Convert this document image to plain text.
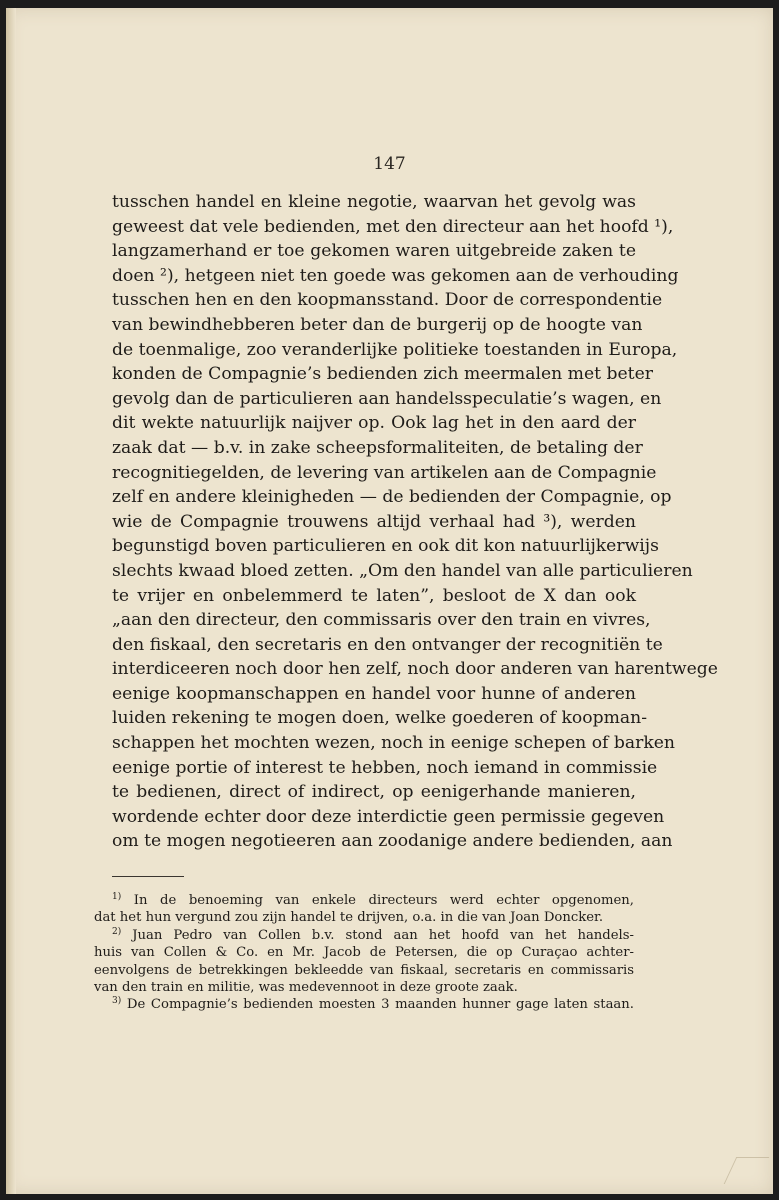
147
tusschen handel en kleine negotie, waarvan het gevolg was
geweest dat vele bedienden, met den directeur aan het hoofd ¹),
langzamerhand er toe gekomen waren uitgebreide zaken te
doen ²), hetgeen niet ten goede was gekomen aan de verhouding
tusschen hen en den koopmansstand. Door de correspondentie
van bewindhebberen beter dan de burgerij op de hoogte van
de toenmalige, zoo veranderlijke politieke toestanden in Europa,
konden de Compagnie’s bedienden zich meermalen met beter
gevolg dan de particulieren aan handelsspeculatie’s wagen, en
dit wekte natuurlijk naijver op. Ook lag het in den aard der
zaak dat — b.v. in zake scheepsformaliteiten, de betaling der
recognitiegelden, de levering van artikelen aan de Compagnie
zelf en andere kleinigheden — de bedienden der Compagnie, op
wie de Compagnie trouwens altijd verhaal had ³), werden
begunstigd boven particulieren en ook dit kon natuurlijkerwijs
slechts kwaad bloed zetten. „Om den handel van alle particulieren
te vrijer en onbelemmerd te laten”, besloot de X dan ook
„aan den directeur, den commissaris over den train en vivres,
den fiskaal, den secretaris en den ontvanger der recognitiën te
interdiceeren noch door hen zelf, noch door anderen van harentwege
eenige koopmanschappen en handel voor hunne of anderen
luiden rekening te mogen doen, welke goederen of koopman-
schappen het mochten wezen, noch in eenige schepen of barken
eenige portie of interest te hebben, noch iemand in commissie
te bedienen, direct of indirect, op eenigerhande manieren,
wordende echter door deze interdictie geen permissie gegeven
om te mogen negotieeren aan zoodanige andere bedienden, aan
$^{1)}$ In de benoeming van enkele directeurs werd echter opgenomen,
dat het hun vergund zou zijn handel te drijven, o.a. in die van Joan Doncker.
$^{2)}$ Juan Pedro van Collen b.v. stond aan het hoofd van het handels-
huis van Collen & Co. en Mr. Jacob de Petersen, die op Curaçao achter-
eenvolgens de betrekkingen bekleedde van fiskaal, secretaris en commissaris
van den train en militie, was medevennoot in deze groote zaak.
$^{3)}$ De Compagnie’s bedienden moesten 3 maanden hunner gage laten staan.
